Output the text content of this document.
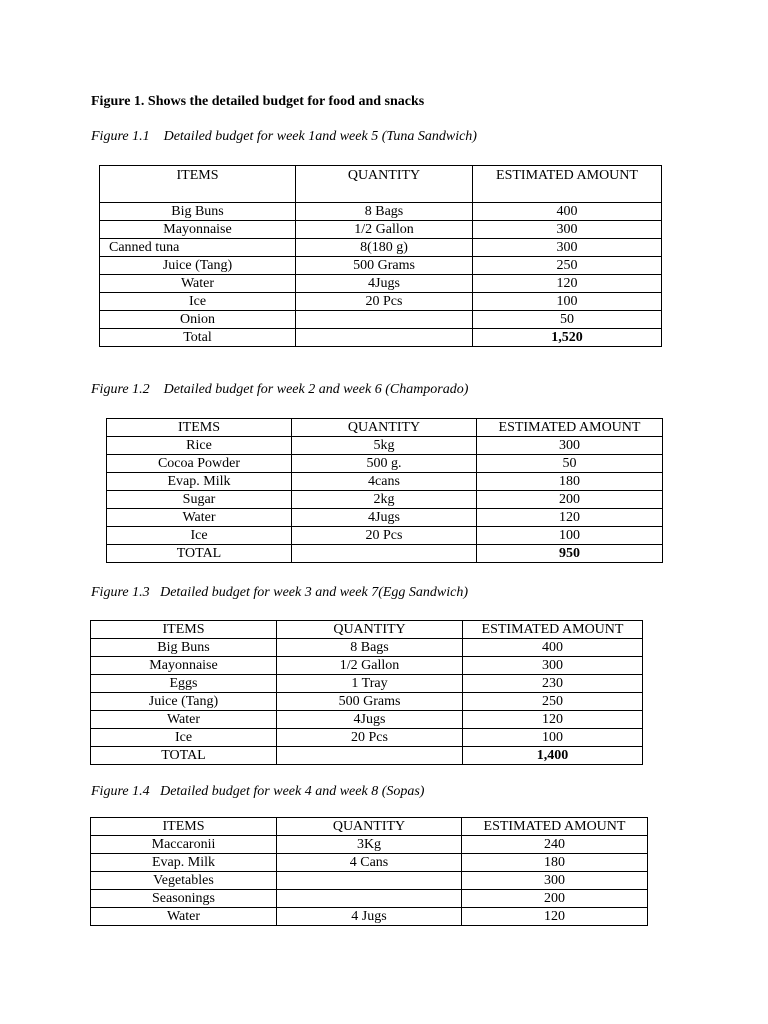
Figure 1. Shows the detailed budget for food and snacks
Figure 1.1    Detailed budget for week 1and week 5 (Tuna Sandwich)
ITEMS	QUANTITY	ESTIMATED AMOUNT
Big Buns	8 Bags	400
Mayonnaise	1/2 Gallon	300
Canned tuna	8(180 g)	300
Juice (Tang)	500 Grams	250
Water	4Jugs	120
Ice	20 Pcs	100
Onion		50
Total		1,520
Figure 1.2    Detailed budget for week 2 and week 6 (Champorado)
ITEMS	QUANTITY	ESTIMATED AMOUNT
Rice	5kg	300
Cocoa Powder	500 g.	50
Evap. Milk	4cans	180
Sugar	2kg	200
Water	4Jugs	120
Ice	20 Pcs	100
TOTAL		950
Figure 1.3   Detailed budget for week 3 and week 7(Egg Sandwich)
ITEMS	QUANTITY	ESTIMATED AMOUNT
Big Buns	8 Bags	400
Mayonnaise	1/2 Gallon	300
Eggs	1 Tray	230
Juice (Tang)	500 Grams	250
Water	4Jugs	120
Ice	20 Pcs	100
TOTAL		1,400
Figure 1.4   Detailed budget for week 4 and week 8 (Sopas)
ITEMS	QUANTITY	ESTIMATED AMOUNT
Maccaronii	3Kg	240
Evap. Milk	4 Cans	180
Vegetables		300
Seasonings		200
Water	4 Jugs	120
